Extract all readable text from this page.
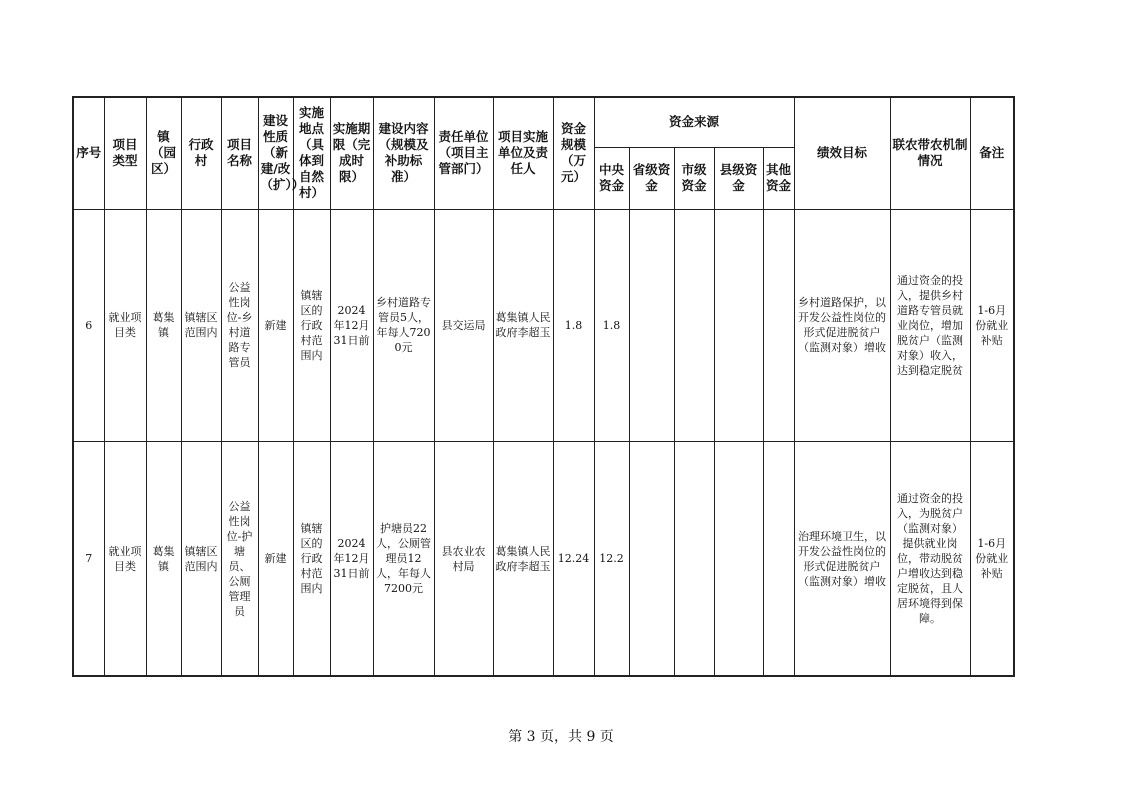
序号	项目类型	镇（园区）	行政村	项目名称	建设性质（新建/改（扩））	实施地点（具体到自然村）	实施期限（完成时限）	建设内容（规模及补助标准）	责任单位（项目主管部门）	项目实施单位及责任人	资金规模（万元）	资金来源					绩效目标	联农带农机制情况	备注
												中央资金	省级资金	市级资金	县级资金	其他资金			
6	就业项目类	葛集镇	镇辖区范围内	公益性岗位-乡村道路专管员	新建	镇辖区的行政村范围内	2024年12月31日前	乡村道路专管员5人，年每人7200元	县交运局	葛集镇人民政府李超玉	1.8	1.8					乡村道路保护，以开发公益性岗位的形式促进脱贫户（监测对象）增收	通过资金的投入，提供乡村道路专管员就业岗位，增加脱贫户（监测对象）收入，达到稳定脱贫	1-6月份就业补贴
7	就业项目类	葛集镇	镇辖区范围内	公益性岗位-护塘员、公厕管理员	新建	镇辖区的行政村范围内	2024年12月31日前	护塘员22人，公厕管理员12人，年每人7200元	县农业农村局	葛集镇人民政府李超玉	12.24	12.2					治理环境卫生，以开发公益性岗位的形式促进脱贫户（监测对象）增收	通过资金的投入，为脱贫户（监测对象）提供就业岗位，带动脱贫户增收达到稳定脱贫，且人居环境得到保障。	1-6月份就业补贴
第 3 页，共 9 页
